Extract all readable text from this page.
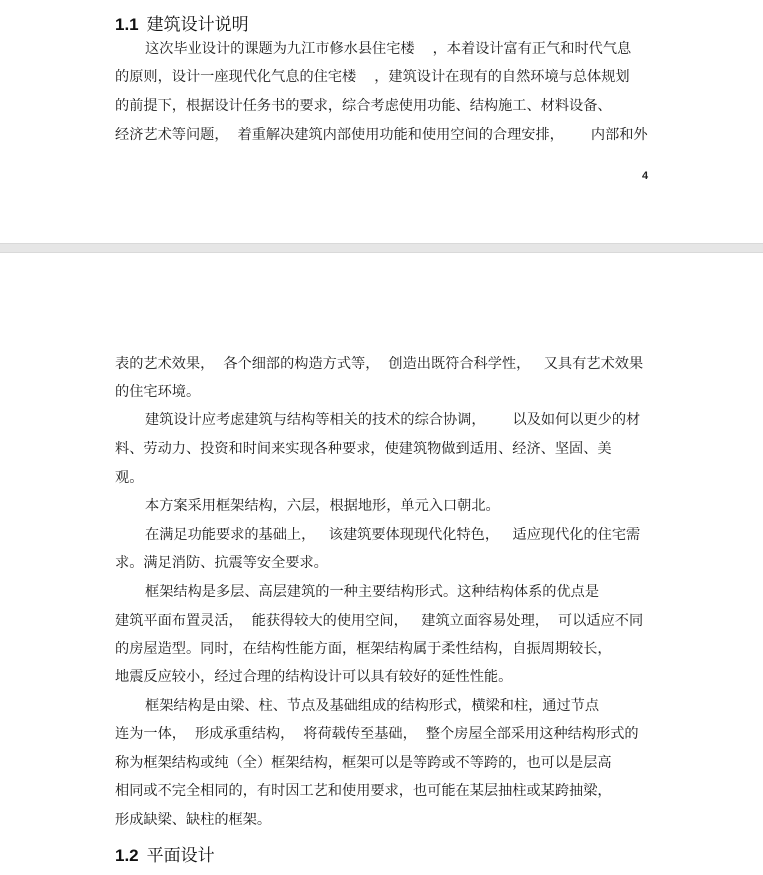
1.1 建筑设计说明
这次毕业设计的课题为九江市修水县住宅楼    ，本着设计富有正气和时代气息
的原则，设计一座现代化气息的住宅楼    ，建筑设计在现有的自然环境与总体规划
的前提下，根据设计任务书的要求，综合考虑使用功能、结构施工、材料设备、
经济艺术等问题，  着重解决建筑内部使用功能和使用空间的合理安排，      内部和外
4
表的艺术效果，  各个细部的构造方式等，  创造出既符合科学性，   又具有艺术效果
的住宅环境。
建筑设计应考虑建筑与结构等相关的技术的综合协调，      以及如何以更少的材
料、劳动力、投资和时间来实现各种要求，使建筑物做到适用、经济、坚固、美
观。
本方案采用框架结构，六层，根据地形，单元入口朝北。
在满足功能要求的基础上，   该建筑要体现现代化特色，   适应现代化的住宅需
求。满足消防、抗震等安全要求。
框架结构是多层、高层建筑的一种主要结构形式。这种结构体系的优点是
建筑平面布置灵活，  能获得较大的使用空间，   建筑立面容易处理，  可以适应不同
的房屋造型。同时，在结构性能方面，框架结构属于柔性结构，自振周期较长，
地震反应较小，经过合理的结构设计可以具有较好的延性性能。
框架结构是由梁、柱、节点及基础组成的结构形式，横梁和柱，通过节点
连为一体，  形成承重结构，  将荷载传至基础，  整个房屋全部采用这种结构形式的
称为框架结构或纯（全）框架结构，框架可以是等跨或不等跨的，也可以是层高
相同或不完全相同的，有时因工艺和使用要求，也可能在某层抽柱或某跨抽梁，
形成缺梁、缺柱的框架。
1.2 平面设计
